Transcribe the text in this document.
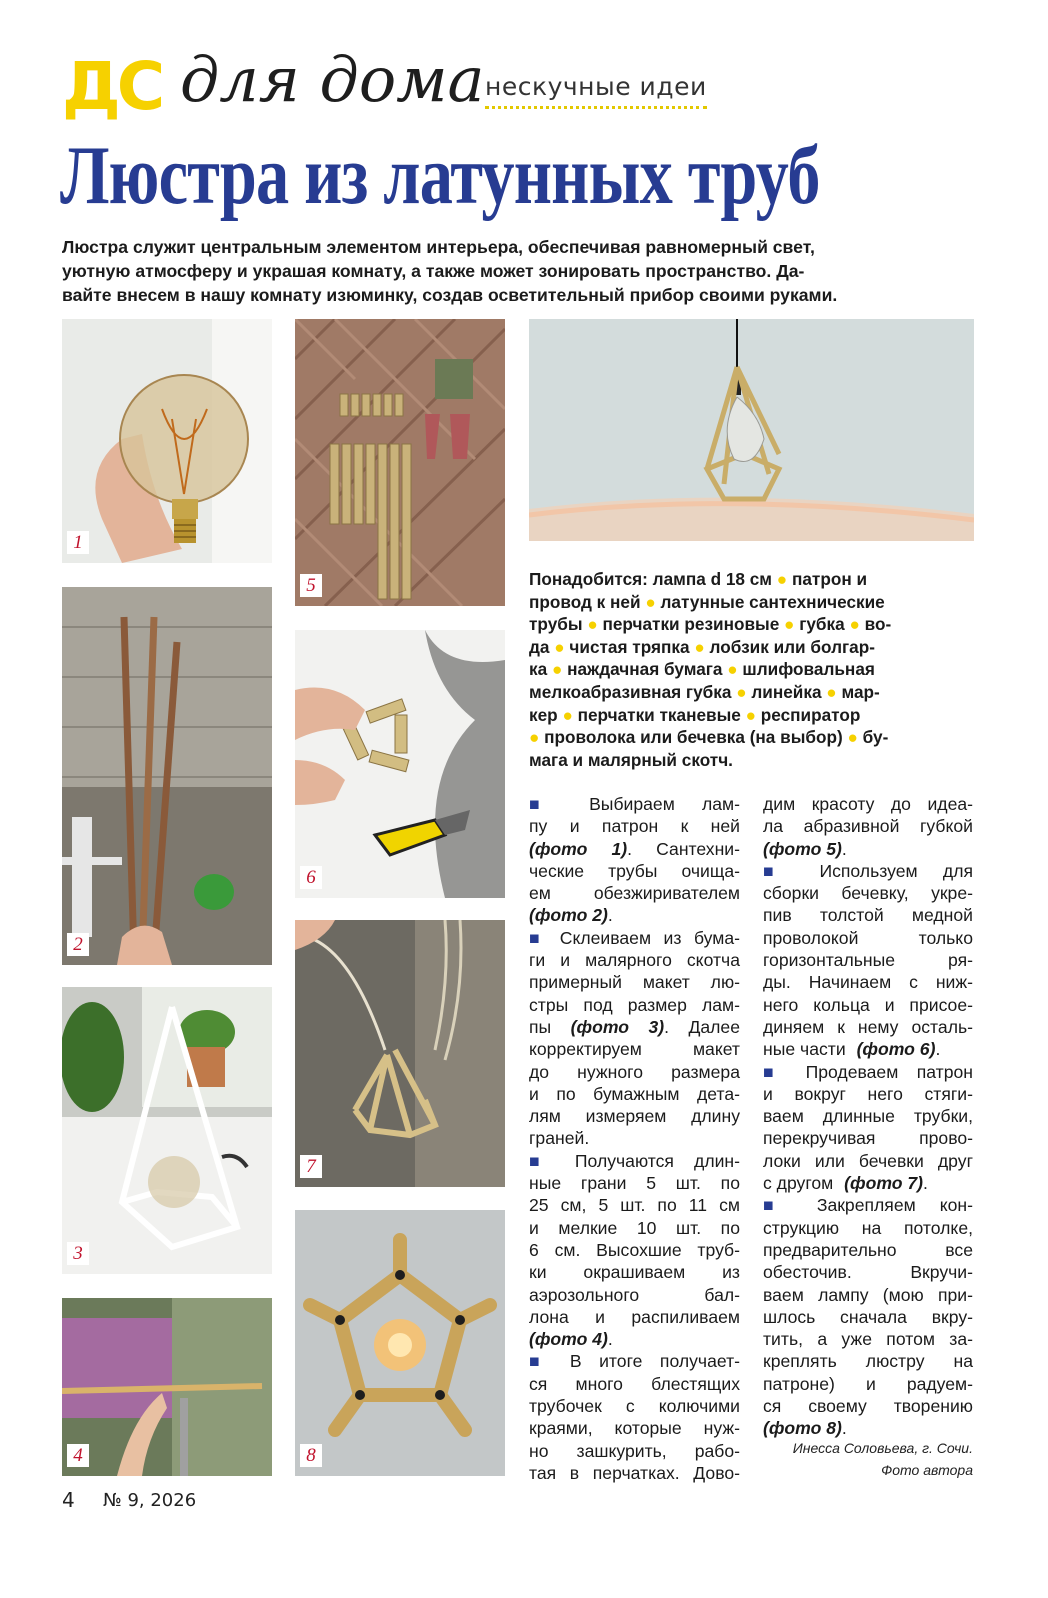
ДС для дома нескучные идеи
Люстра из латунных труб
Люстра служит центральным элементом интерьера, обеспечивая равномерный свет,
уютную атмосферу и украшая комнату, а также может зонировать пространство. Да-
вайте внесем в нашу комнату изюминку, создав осветительный прибор своими руками.
1
2
3
4
5
6
7
8
Понадобится: лампа d 18 см ● патрон и
провод к ней ● латунные сантехнические
трубы ● перчатки резиновые ● губка ● во-
да ● чистая тряпка ● лобзик или болгар-
ка ● наждачная бумага ● шлифовальная
мелкоабразивная губка ● линейка ● мар-
кер ● перчатки тканевые ● респиратор
● проволока или бечевка (на выбор) ● бу-
мага и малярный скотч.
■ Выбираем лам-
пу и патрон к ней
(фото 1). Сантехни-
ческие трубы очища-
ем обезжиривателем
(фото 2) .
■ Склеиваем из бума-
ги и малярного скотча
примерный макет лю-
стры под размер лам-
пы (фото 3). Далее
корректируем макет
до нужного размера
и по бумажным дета-
лям измеряем длину
граней.
■ Получаются длин-
ные грани 5 шт. по
25 см, 5 шт. по 11 см
и мелкие 10 шт. по
6 см. Высохшие труб-
ки окрашиваем из
аэрозольного бал-
лона и распиливаем
(фото 4) .
■ В итоге получает-
ся много блестящих
трубочек с колючими
краями, которые нуж-
но зашкурить, рабо-
тая в перчатках. Дово-
дим красоту до идеа-
ла абразивной губкой
(фото 5) .
■ Используем для
сборки бечевку, укре-
пив толстой медной
проволокой только
горизонтальные ря-
ды. Начинаем с ниж-
него кольца и присое-
диняем к нему осталь-
ные части (фото 6) .
■ Продеваем патрон
и вокруг него стяги-
ваем длинные трубки,
перекручивая прово-
локи или бечевки друг
с другом (фото 7) .
■ Закрепляем кон-
струкцию на потолке,
предварительно все
обесточив. Вкручи-
ваем лампу (мою при-
шлось сначала вкру-
тить, а уже потом за-
креплять люстру на
патроне) и радуем-
ся своему творению
(фото 8) .
Инесса Соловьева, г. Сочи.
Фото автора
4 № 9, 2026
